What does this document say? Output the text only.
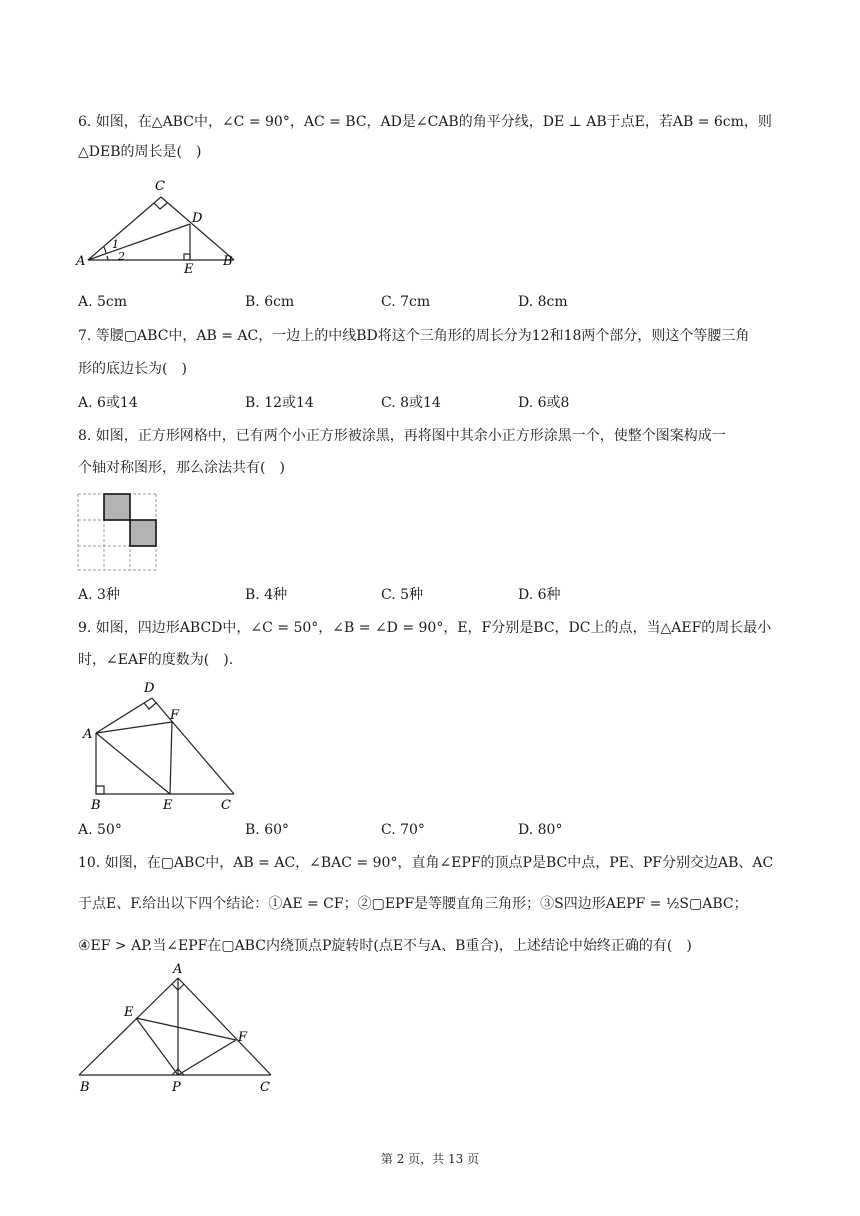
6. 如图，在△ABC中，∠C = 90°，AC = BC，AD是∠CAB的角平分线，DE ⊥ AB于点E，若AB = 6cm，则
△DEB的周长是(　)
C
D
A
E
B
1
2
A. 5cm	B. 6cm	C. 7cm	D. 8cm
7. 等腰▢ABC中，AB = AC，一边上的中线BD将这个三角形的周长分为12和18两个部分，则这个等腰三角
形的底边长为(　)
A. 6或14	B. 12或14	C. 8或14	D. 6或8
8. 如图，正方形网格中，已有两个小正方形被涂黑，再将图中其余小正方形涂黑一个，使整个图案构成一
个轴对称图形，那么涂法共有(　)
A. 3种	B. 4种	C. 5种	D. 6种
9. 如图，四边形ABCD中，∠C = 50°，∠B = ∠D = 90°，E，F分别是BC，DC上的点，当△AEF的周长最小
时，∠EAF的度数为(　).
D
F
A
B	E	C
A. 50°	B. 60°	C. 70°	D. 80°
10. 如图，在▢ABC中，AB = AC，∠BAC = 90°，直角∠EPF的顶点P是BC中点，PE、PF分别交边AB、AC
于点E、F.给出以下四个结论：①AE = CF；②▢EPF是等腰直角三角形；③S四边形AEPF = ½S▢ABC；
④EF > AP.当∠EPF在▢ABC内绕顶点P旋转时(点E不与A、B重合)，上述结论中始终正确的有(　)
A
E
F
B	P	C
第 2 页，共 13 页
